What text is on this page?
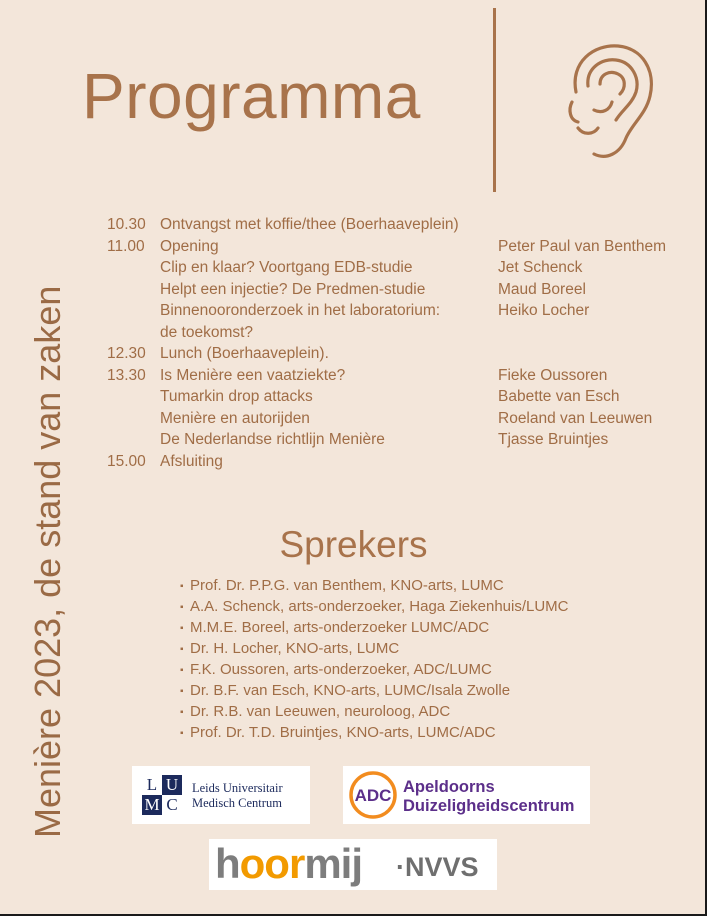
Programma
Menière 2023, de stand van zaken
10.30 Ontvangst met koffie/thee (Boerhaaveplein)
11.00 Opening	Peter Paul van Benthem
Clip en klaar? Voortgang EDB-studie	Jet Schenck
Helpt een injectie? De Predmen-studie	Maud Boreel
Binnenooronderzoek in het laboratorium:	Heiko Locher
de toekomst?
12.30 Lunch (Boerhaaveplein).
13.30 Is Menière een vaatziekte?	Fieke Oussoren
Tumarkin drop attacks	Babette van Esch
Menière en autorijden	Roeland van Leeuwen
De Nederlandse richtlijn Menière	Tjasse Bruintjes
15.00 Afsluiting
Sprekers
▪ Prof. Dr. P.P.G. van Benthem, KNO-arts, LUMC
▪ A.A. Schenck, arts-onderzoeker, Haga Ziekenhuis/LUMC
▪ M.M.E. Boreel, arts-onderzoeker LUMC/ADC
▪ Dr. H. Locher, KNO-arts, LUMC
▪ F.K. Oussoren, arts-onderzoeker, ADC/LUMC
▪ Dr. B.F. van Esch, KNO-arts, LUMC/Isala Zwolle
▪ Dr. R.B. van Leeuwen, neuroloog, ADC
▪ Prof. Dr. T.D. Bruintjes, KNO-arts, LUMC/ADC
L U
M C
Leids Universitair
Medisch Centrum	ADC Apeldoorns
Duizeligheidscentrum
hoormij ·NVVS
